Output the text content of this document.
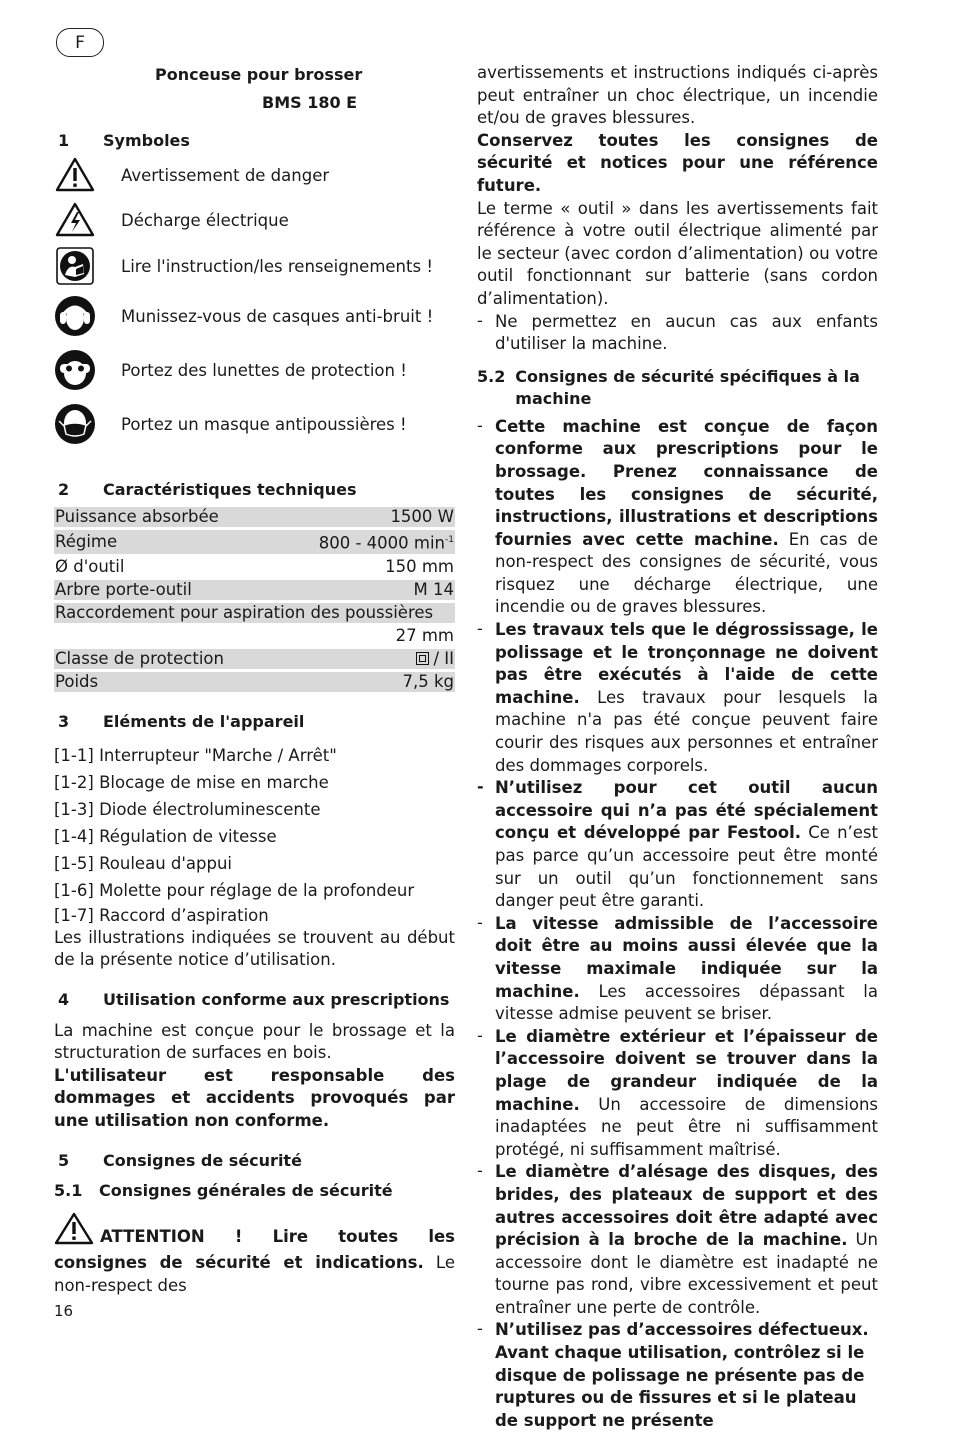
F

Ponceuse pour brosser

BMS 180 E

1	Symboles
Avertissement de danger
Décharge électrique
Lire l'instruction/les renseignements !
Munissez-vous de casques anti-bruit !
Portez des lunettes de protection !
Portez un masque antipoussières !
2	Caractéristiques techniques
Puissance absorbée	1500 W
Régime	800 - 4000 $\min^{-1}$
Ø d'outil	150 mm
Arbre porte-outil	M 14
Raccordement pour aspiration des poussières	
	27 mm
Classe de protection	/ II
Poids	7,5 kg
3	Eléments de l'appareil
[1-1] Interrupteur "Marche / Arrêt"
[1-2] Blocage de mise en marche
[1-3] Diode électroluminescente
[1-4] Régulation de vitesse
[1-5] Rouleau d'appui
[1-6] Molette pour réglage de la profondeur
[1-7] Raccord d’aspiration

Les illustrations indiquées se trouvent au début de la présente notice d’utilisation.

4	Utilisation conforme aux prescriptions

La machine est conçue pour le brossage et la structuration de surfaces en bois.

L'utilisateur est responsable des dommages et accidents provoqués par une utilisation non conforme.

5	Consignes de sécurité
5.1	Consignes générales de sécurité

ATTENTION ! Lire toutes les consignes de sécurité et indications. Le non-respect des

avertissements et instructions indiqués ci-après peut entraîner un choc électrique, un incendie et/ou de graves blessures.

Conservez toutes les consignes de sécurité et notices pour une référence future.

Le terme « outil » dans les avertissements fait référence à votre outil électrique alimenté par le secteur (avec cordon d’alimentation) ou votre outil fonctionnant sur batterie (sans cordon d’alimentation).

- Ne permettez en aucun cas aux enfants d'utiliser la machine.
5.2 Consignes de sécurité spécifiques à la machine
- Cette machine est conçue de façon conforme aux prescriptions pour le brossage. Prenez connaissance de toutes les consignes de sécurité, instructions, illustrations et descriptions fournies avec cette machine. En cas de non-respect des consignes de sécurité, vous risquez une décharge électrique, une incendie ou de graves blessures.
- Les travaux tels que le dégrossissage, le polissage et le tronçonnage ne doivent pas être exécutés à l'aide de cette machine. Les travaux pour lesquels la machine n'a pas été conçue peuvent faire courir des risques aux personnes et entraîner des dommages corporels.
- N’utilisez pour cet outil aucun accessoire qui n’a pas été spécialement conçu et développé par Festool. Ce n’est pas parce qu’un accessoire peut être monté sur un outil qu’un fonctionnement sans danger peut être garanti.
- La vitesse admissible de l’accessoire doit être au moins aussi élevée que la vitesse maximale indiquée sur la machine. Les accessoires dépassant la vitesse admise peuvent se briser.
- Le diamètre extérieur et l’épaisseur de l’accessoire doivent se trouver dans la plage de grandeur indiquée de la machine. Un accessoire de dimensions inadaptées ne peut être ni suffisamment protégé, ni suffisamment maîtrisé.
- Le diamètre d’alésage des disques, des brides, des plateaux de support et des autres accessoires doit être adapté avec précision à la broche de la machine. Un accessoire dont le diamètre est inadapté ne tourne pas rond, vibre excessivement et peut entraîner une perte de contrôle.
- N’utilisez pas d’accessoires défectueux. Avant chaque utilisation, contrôlez si le disque de polissage ne présente pas de ruptures ou de fissures et si le plateau de support ne présente
16
